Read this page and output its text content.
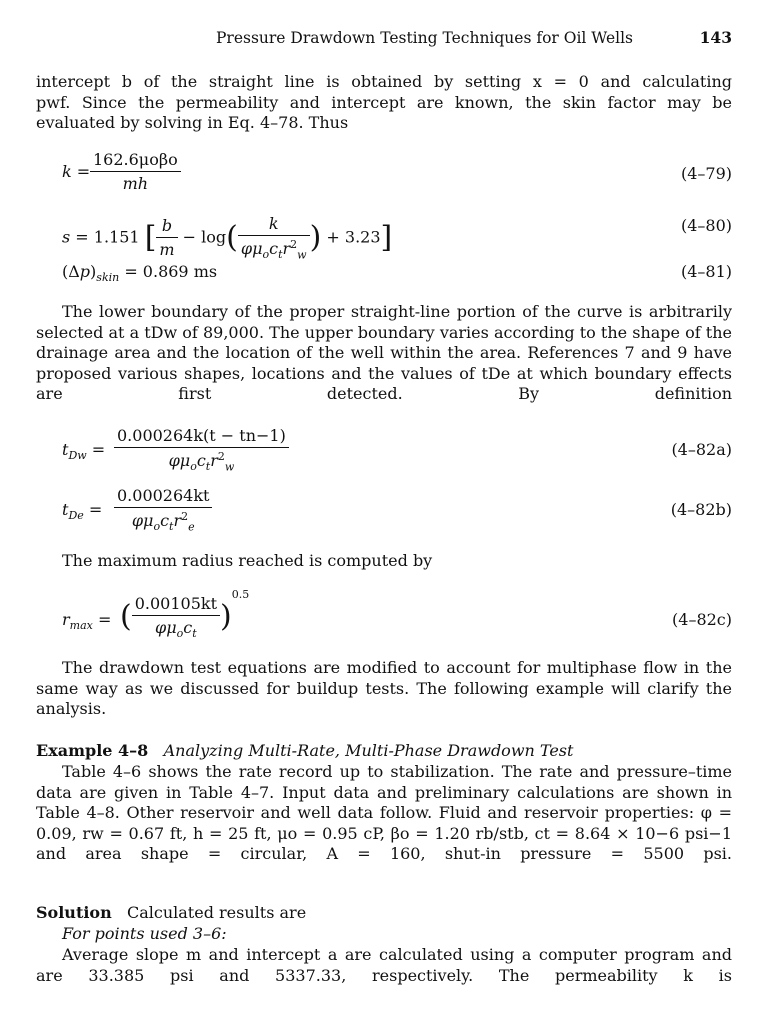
Pressure Drawdown Testing Techniques for Oil Wells	143
intercept b of the straight line is obtained by setting x = 0 and calculating
pwf. Since the permeability and intercept are known, the skin factor may be
evaluated by solving in Eq. 4–78. Thus
$k = \frac{\text{162.6μoβo}}{mh}$	(4–79)
s = 1.151 [ $\frac{b}{m} - \log( \frac{k}{\varphi\mu_oc_tr^2_w}$ ) + 3.23]	(4–80)
$(\Delta p)_{skin} = 0.869$ ms	(4–81)
The lower boundary of the proper straight-line portion of the curve is arbitrarily selected at a tDw of 89,000. The upper boundary varies according to the shape of the drainage area and the location of the well within the area. References 7 and 9 have proposed various shapes, locations and the values of tDe at which boundary effects are first detected. By definition
$t_{Dw} = \frac{0.000264k(t - tn-1)}{\varphi\mu_oc_tr^2_w}$	(4–82a)
$t_{De} = \frac{0.000264kt}{\varphi\mu_oc_tr^2_e}$	(4–82b)
The maximum radius reached is computed by
$r_{max}$ = ( $\frac{0.00105kt}{\varphi\mu_oc_t} )^{0.5}$
(4–82c)
The drawdown test equations are modified to account for multiphase flow in the same way as we discussed for buildup tests. The following example will clarify the analysis.
Example 4–8 Analyzing Multi-Rate, Multi-Phase Drawdown Test
Table 4–6 shows the rate record up to stabilization. The rate and pressure–time data are given in Table 4–7. Input data and preliminary calculations are shown in Table 4–8. Other reservoir and well data follow. Fluid and reservoir properties: φ = 0.09, rw = 0.67 ft, h = 25 ft, μo = 0.95 cP, βo = 1.20 rb/stb, ct = 8.64 × 10−6 psi−1 and area shape = circular, A = 160, shut-in pressure = 5500 psi.
Solution Calculated results are
For points used 3–6:
Average slope m and intercept a are calculated using a computer program and are 33.385 psi and 5337.33, respectively. The permeability k is
